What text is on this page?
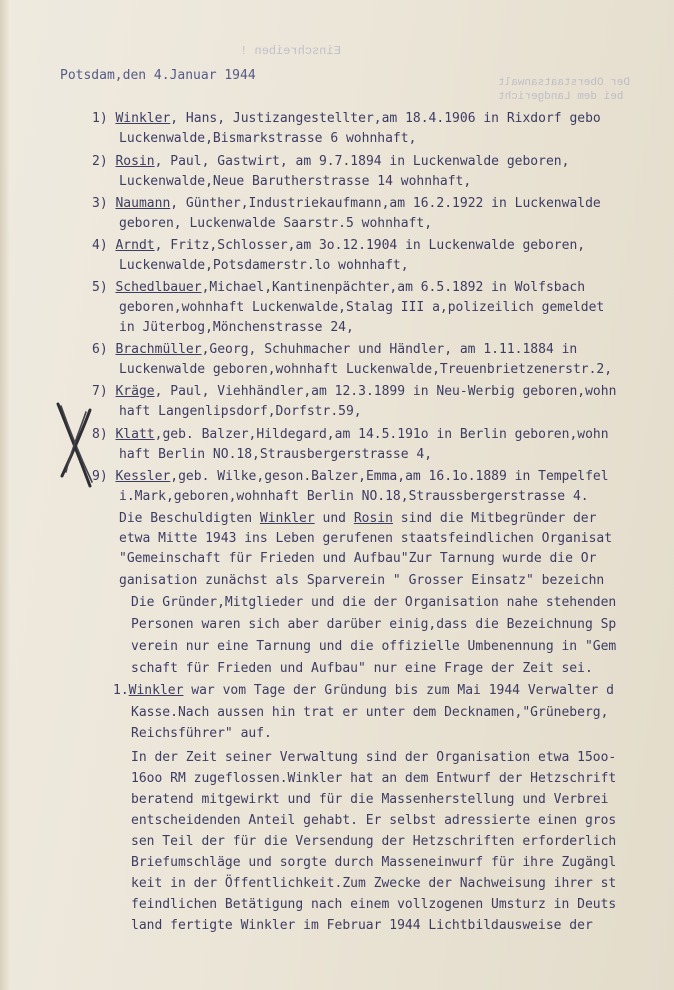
Einschreiben !
Der Oberstaatsanwalt
bei dem Landgericht
Potsdam,den 4.Januar 1944
1) Winkler, Hans, Justizangestellter,am 18.4.1906 in Rixdorf gebo
Luckenwalde,Bismarkstrasse 6 wohnhaft,
2) Rosin, Paul, Gastwirt, am 9.7.1894 in Luckenwalde geboren,
Luckenwalde,Neue Barutherstrasse 14 wohnhaft,
3) Naumann, Günther,Industriekaufmann,am 16.2.1922 in Luckenwalde
geboren, Luckenwalde Saarstr.5 wohnhaft,
4) Arndt, Fritz,Schlosser,am 3o.12.1904 in Luckenwalde geboren,
Luckenwalde,Potsdamerstr.lo wohnhaft,
5) Schedlbauer,Michael,Kantinenpächter,am 6.5.1892 in Wolfsbach
geboren,wohnhaft Luckenwalde,Stalag III a,polizeilich gemeldet
in Jüterbog,Mönchenstrasse 24,
6) Brachmüller,Georg, Schuhmacher und Händler, am 1.11.1884 in
Luckenwalde geboren,wohnhaft Luckenwalde,Treuenbrietzenerstr.2,
7) Kräge, Paul, Viehhändler,am 12.3.1899 in Neu-Werbig geboren,wohn
haft Langenlipsdorf,Dorfstr.59,
8) Klatt,geb. Balzer,Hildegard,am 14.5.191o in Berlin geboren,wohn
haft Berlin NO.18,Strausbergerstrasse 4,
9) Kessler,geb. Wilke,geson.Balzer,Emma,am 16.1o.1889 in Tempelfel
i.Mark,geboren,wohnhaft Berlin NO.18,Straussbergerstrasse 4.
Die Beschuldigten Winkler und Rosin sind die Mitbegründer der
etwa Mitte 1943 ins Leben gerufenen staatsfeindlichen Organisat
"Gemeinschaft für Frieden und Aufbau"Zur Tarnung wurde die Or
ganisation zunächst als Sparverein " Grosser Einsatz" bezeichn
Die Gründer,Mitglieder und die der Organisation nahe stehenden
Personen waren sich aber darüber einig,dass die Bezeichnung Sp
verein nur eine Tarnung und die offizielle Umbenennung in "Gem
schaft für Frieden und Aufbau" nur eine Frage der Zeit sei.
1.Winkler war vom Tage der Gründung bis zum Mai 1944 Verwalter d
Kasse.Nach aussen hin trat er unter dem Decknamen,"Grüneberg,
Reichsführer" auf.
In der Zeit seiner Verwaltung sind der Organisation etwa 15oo-
16oo RM zugeflossen.Winkler hat an dem Entwurf der Hetzschrift
beratend mitgewirkt und für die Massenherstellung und Verbrei
entscheidenden Anteil gehabt. Er selbst adressierte einen gros
sen Teil der für die Versendung der Hetzschriften erforderlich
Briefumschläge und sorgte durch Masseneinwurf für ihre Zugängl
keit in der Öffentlichkeit.Zum Zwecke der Nachweisung ihrer st
feindlichen Betätigung nach einem vollzogenen Umsturz in Deuts
land fertigte Winkler im Februar 1944 Lichtbildausweise der
